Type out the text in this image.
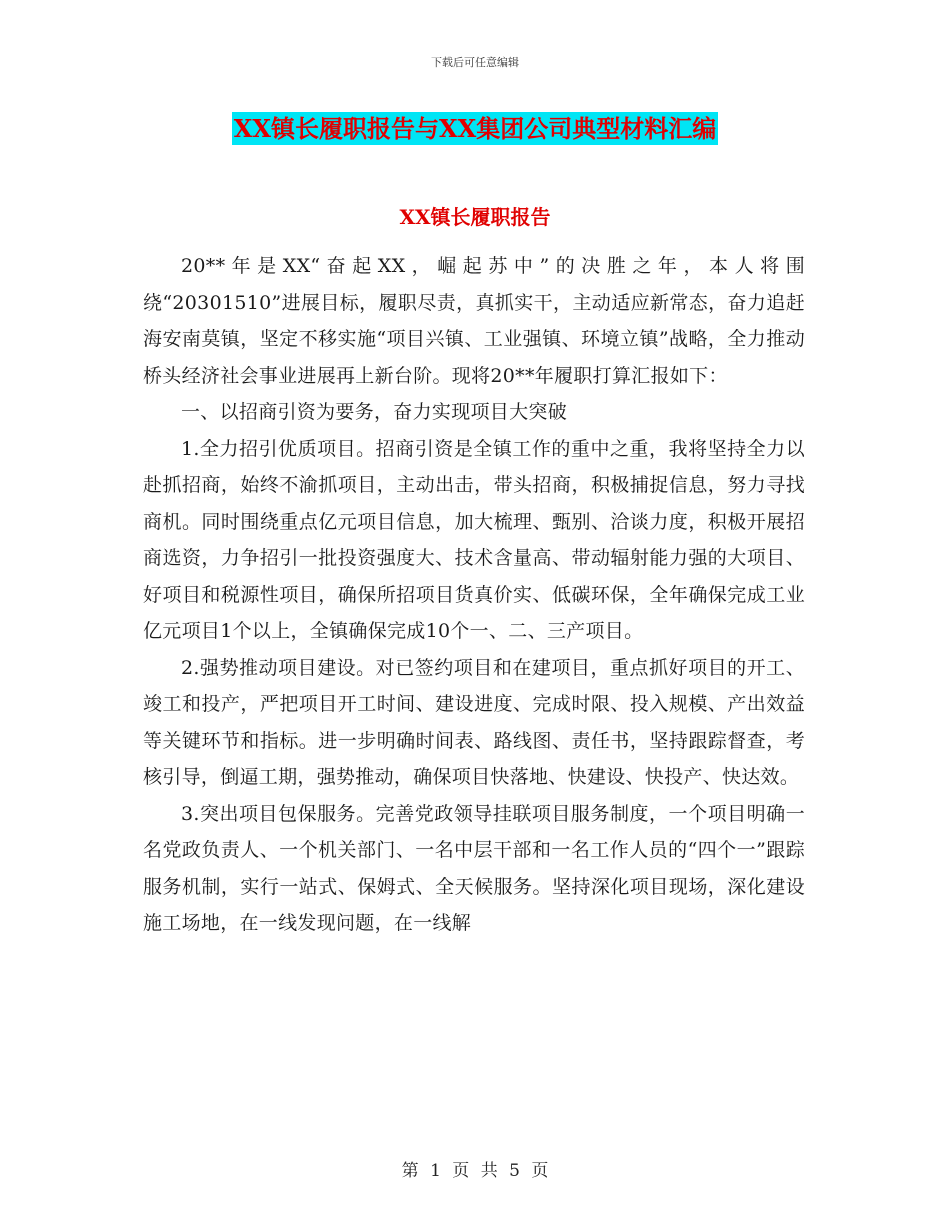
下载后可任意编辑
XX镇长履职报告与XX集团公司典型材料汇编
XX镇长履职报告

20**年是XX“奋起XX，崛起苏中”的决胜之年，本人将围绕“20301510”进展目标，履职尽责，真抓实干，主动适应新常态，奋力追赶海安南莫镇，坚定不移实施“项目兴镇、工业强镇、环境立镇”战略，全力推动桥头经济社会事业进展再上新台阶。现将20**年履职打算汇报如下：

一、以招商引资为要务，奋力实现项目大突破

1.全力招引优质项目。招商引资是全镇工作的重中之重，我将坚持全力以赴抓招商，始终不渝抓项目，主动出击，带头招商，积极捕捉信息，努力寻找商机。同时围绕重点亿元项目信息，加大梳理、甄别、洽谈力度，积极开展招商选资，力争招引一批投资强度大、技术含量高、带动辐射能力强的大项目、好项目和税源性项目，确保所招项目货真价实、低碳环保，全年确保完成工业亿元项目1个以上，全镇确保完成10个一、二、三产项目。

2.强势推动项目建设。对已签约项目和在建项目，重点抓好项目的开工、竣工和投产，严把项目开工时间、建设进度、完成时限、投入规模、产出效益等关键环节和指标。进一步明确时间表、路线图、责任书，坚持跟踪督查，考核引导，倒逼工期，强势推动，确保项目快落地、快建设、快投产、快达效。

3.突出项目包保服务。完善党政领导挂联项目服务制度，一个项目明确一名党政负责人、一个机关部门、一名中层干部和一名工作人员的“四个一”跟踪服务机制，实行一站式、保姆式、全天候服务。坚持深化项目现场，深化建设施工场地，在一线发现问题，在一线解

第 1 页 共 5 页
